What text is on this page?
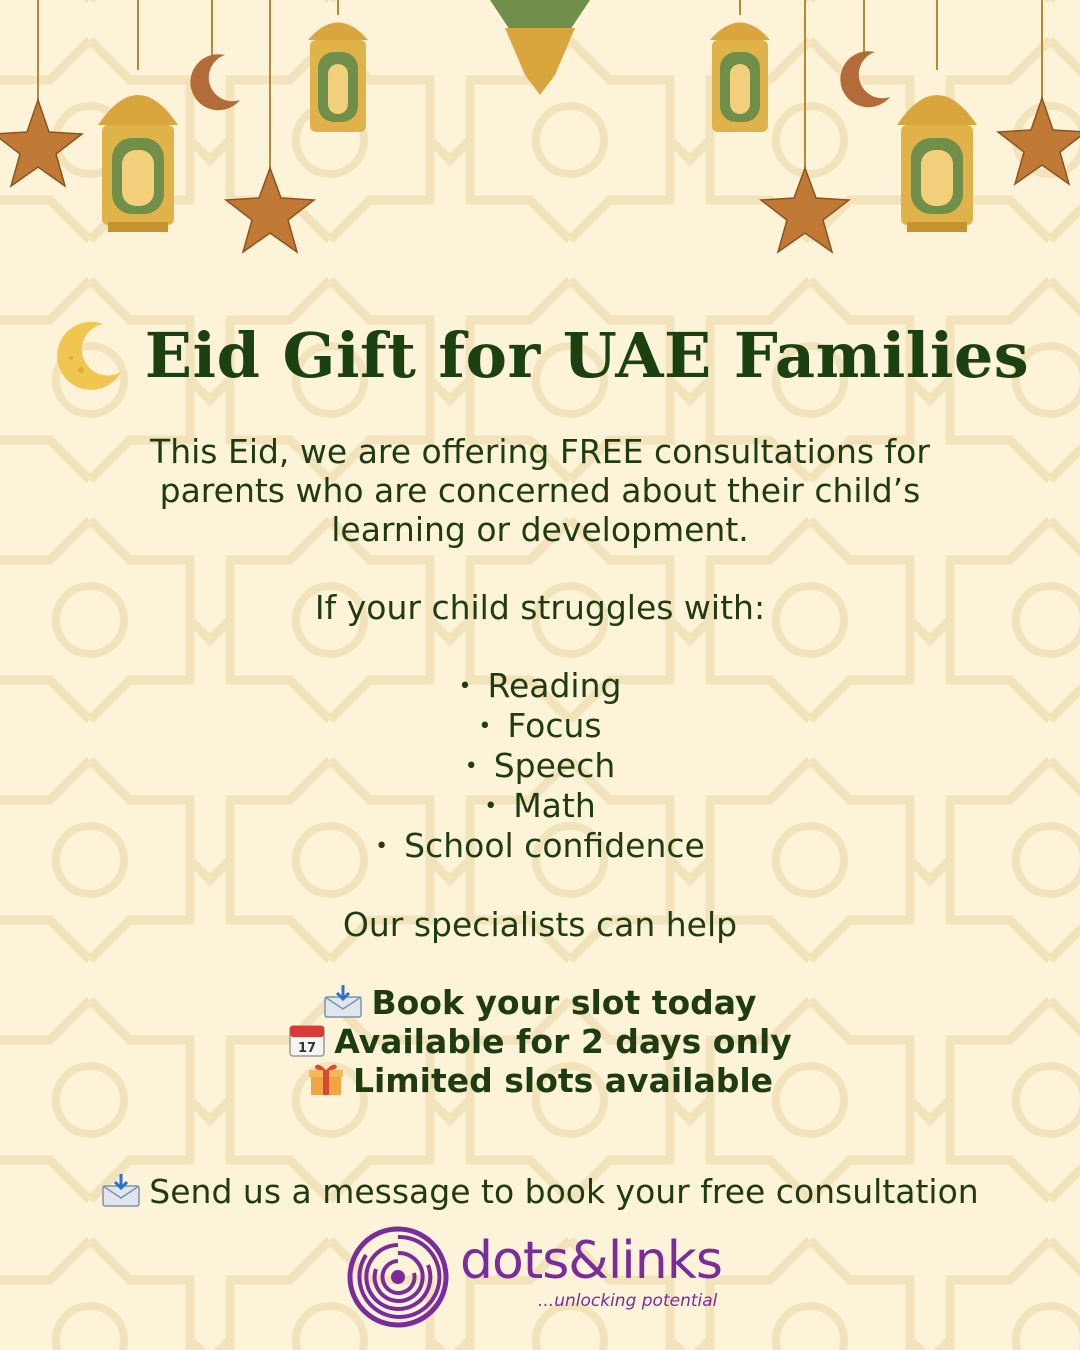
Eid Gift for UAE Families

This Eid, we are offering FREE consultations for

parents who are concerned about their child’s

learning or development.

If your child struggles with:

• Reading
• Focus
• Speech
• Math
• School confidence

Our specialists can help

Book your slot today

17 Available for 2 days only

Limited slots available

Send us a message to book your free consultation
dots&links
...unlocking potential
